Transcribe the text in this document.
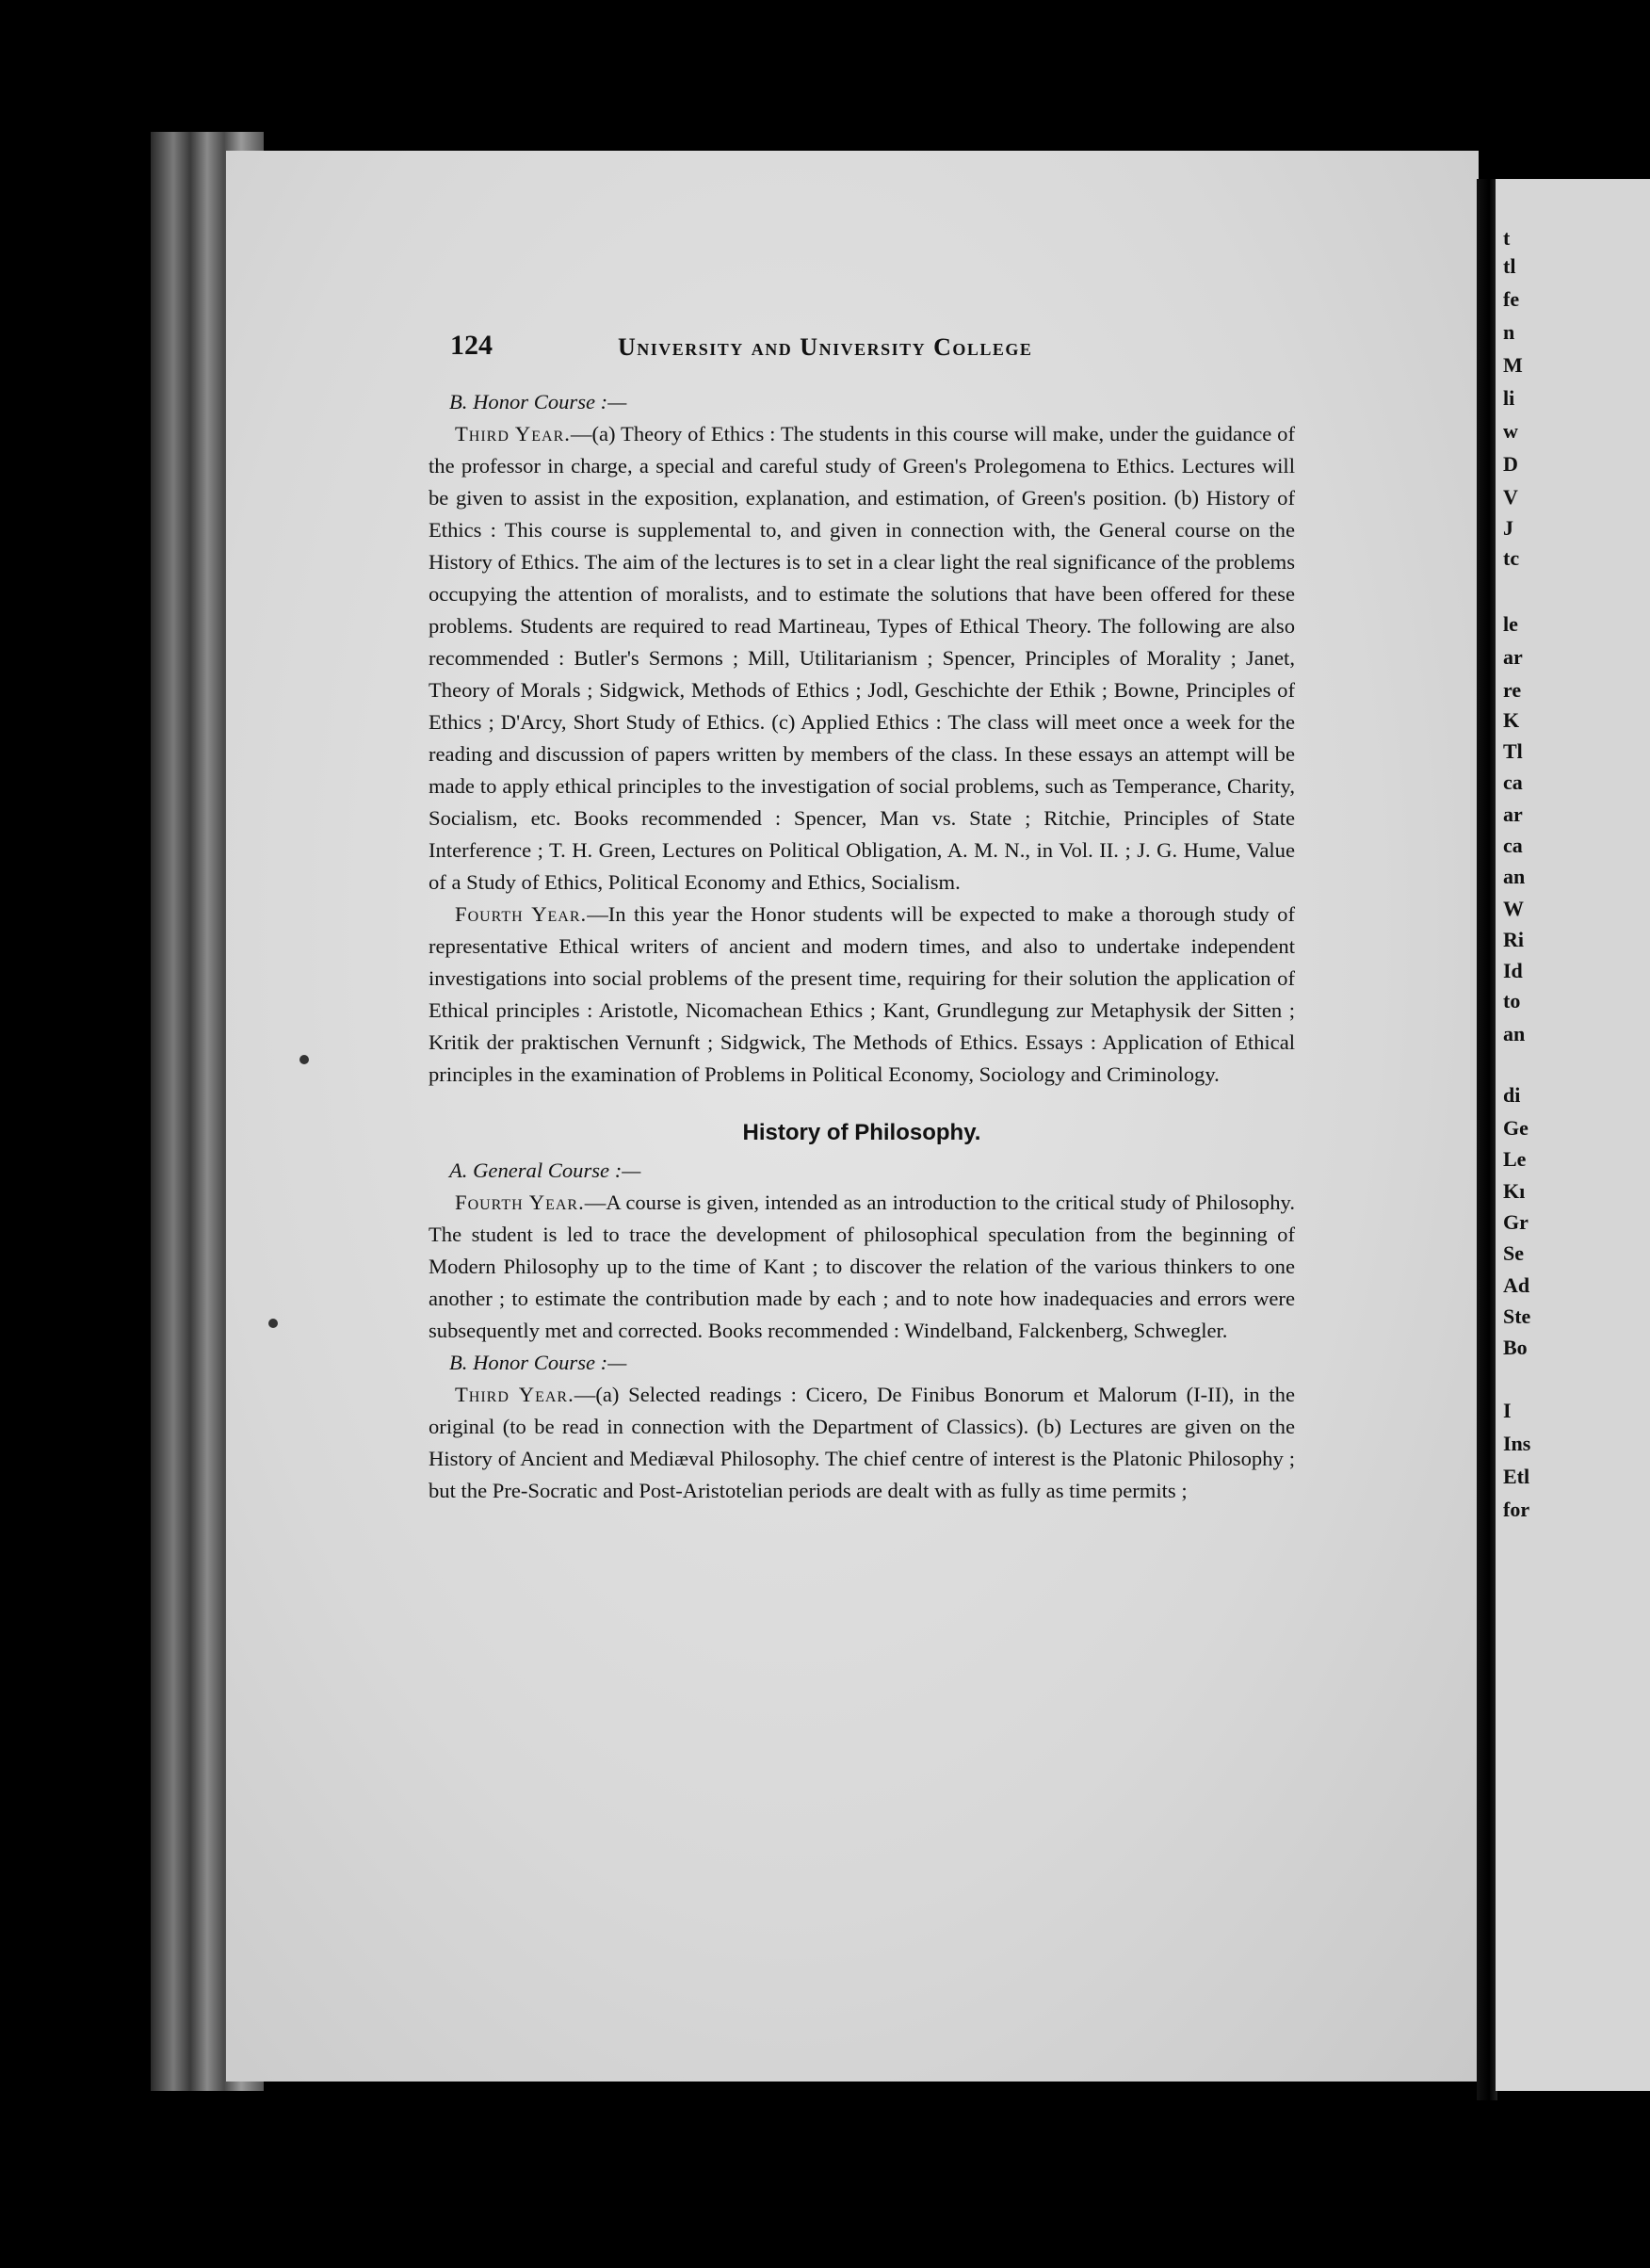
t
tl
fe
n
M
li
w
D
V
J
tc
le
ar
re
K
Tl
ca
ar
ca
an
W
Ri
Id
to
an
di
Ge
Le
Kı
Gr
Se
Ad
Ste
Bo
I
Ins
Etl
for
124	University and University College

B. Honor Course :—

Third Year.—(a) Theory of Ethics : The students in this course will make, under the guidance of the professor in charge, a special and careful study of Green's Prolegomena to Ethics. Lectures will be given to assist in the exposition, explanation, and estimation, of Green's position. (b) History of Ethics : This course is supplemental to, and given in connection with, the General course on the History of Ethics. The aim of the lectures is to set in a clear light the real significance of the problems occupying the attention of moralists, and to estimate the solutions that have been offered for these problems. Students are required to read Martineau, Types of Ethical Theory. The following are also recommended : Butler's Sermons ; Mill, Utilitarianism ; Spencer, Principles of Morality ; Janet, Theory of Morals ; Sidgwick, Methods of Ethics ; Jodl, Geschichte der Ethik ; Bowne, Principles of Ethics ; D'Arcy, Short Study of Ethics. (c) Applied Ethics : The class will meet once a week for the reading and discussion of papers written by members of the class. In these essays an attempt will be made to apply ethical principles to the investigation of social problems, such as Temperance, Charity, Socialism, etc. Books recommended : Spencer, Man vs. State ; Ritchie, Principles of State Interference ; T. H. Green, Lectures on Political Obligation, A. M. N., in Vol. II. ; J. G. Hume, Value of a Study of Ethics, Political Economy and Ethics, Socialism.

Fourth Year.—In this year the Honor students will be expected to make a thorough study of representative Ethical writers of ancient and modern times, and also to undertake independent investigations into social problems of the present time, requiring for their solution the application of Ethical principles : Aristotle, Nicomachean Ethics ; Kant, Grundlegung zur Metaphysik der Sitten ; Kritik der praktischen Vernunft ; Sidgwick, The Methods of Ethics. Essays : Application of Ethical principles in the examination of Problems in Political Economy, Sociology and Criminology.

History of Philosophy.

A. General Course :—

Fourth Year.—A course is given, intended as an introduction to the critical study of Philosophy. The student is led to trace the development of philosophical speculation from the beginning of Modern Philosophy up to the time of Kant ; to discover the relation of the various thinkers to one another ; to estimate the contribution made by each ; and to note how inadequacies and errors were subsequently met and corrected. Books recommended : Windelband, Falckenberg, Schwegler.

B. Honor Course :—

Third Year.—(a) Selected readings : Cicero, De Finibus Bonorum et Malorum (I-II), in the original (to be read in connection with the Department of Classics). (b) Lectures are given on the History of Ancient and Mediæval Philosophy. The chief centre of interest is the Platonic Philosophy ; but the Pre-Socratic and Post-Aristotelian periods are dealt with as fully as time permits ;
